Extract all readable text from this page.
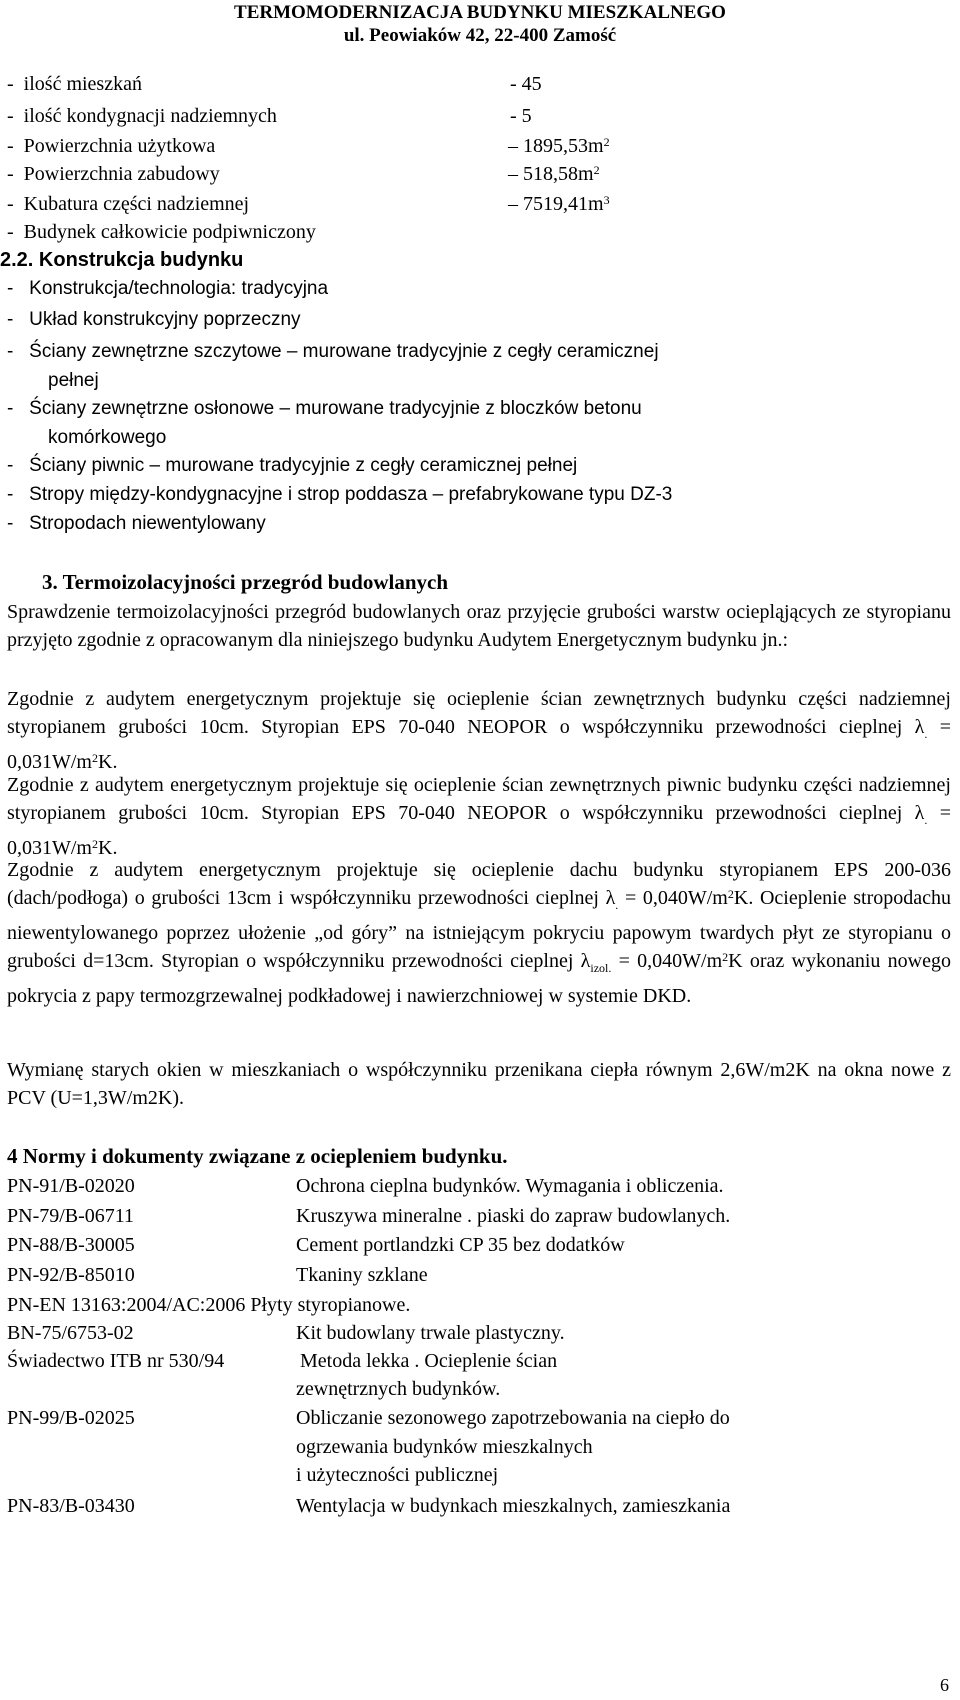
TERMOMODERNIZACJA BUDYNKU MIESZKALNEGO
ul. Peowiaków 42, 22-400 Zamość
-  ilość mieszkań	- 45
-  ilość kondygnacji nadziemnych	- 5
-  Powierzchnia użytkowa	– $1895,53m^2$
-  Powierzchnia zabudowy	– $518,58m^2$
-  Kubatura części nadziemnej	– $7519,41m^3$
-  Budynek całkowicie podpiwniczony
2.2. Konstrukcja budynku
-   Konstrukcja/technologia: tradycyjna
-   Układ konstrukcyjny poprzeczny
-   Ściany zewnętrzne szczytowe – murowane tradycyjnie z cegły ceramicznej
pełnej
-   Ściany zewnętrzne osłonowe – murowane tradycyjnie z bloczków betonu
komórkowego
-   Ściany piwnic – murowane tradycyjnie z cegły ceramicznej pełnej
-   Stropy między-kondygnacyjne i strop poddasza – prefabrykowane typu DZ-3
-   Stropodach niewentylowany
3. Termoizolacyjności przegród budowlanych
Sprawdzenie termoizolacyjności przegród budowlanych oraz przyjęcie grubości warstw ociepląjących ze styropianu przyjęto zgodnie z opracowanym dla niniejszego budynku Audytem Energetycznym budynku jn.:
Zgodnie z audytem energetycznym projektuje się ocieplenie ścian zewnętrznych budynku części nadziemnej styropianem grubości 10cm. Styropian EPS 70-040 NEOPOR o współczynniku przewodności cieplnej $\lambda_. = 0,031W/m^2K$.
Zgodnie z audytem energetycznym projektuje się ocieplenie ścian zewnętrznych piwnic budynku części nadziemnej styropianem grubości 10cm. Styropian EPS 70-040 NEOPOR o współczynniku przewodności cieplnej $\lambda_. = 0,031W/m^2K$.
Zgodnie z audytem energetycznym projektuje się ocieplenie dachu budynku styropianem EPS 200-036 (dach/podłoga) o grubości 13cm i współczynniku przewodności cieplnej $\lambda_. = 0,040W/m^2K$. Ocieplenie stropodachu niewentylowanego poprzez ułożenie „od góry” na istniejącym pokryciu papowym twardych płyt ze styropianu o grubości d=13cm. Styropian o współczynniku przewodności cieplnej $\lambda_{izol.} = 0,040W/m^2K$ oraz wykonaniu nowego pokrycia z papy termozgrzewalnej podkładowej i nawierzchniowej w systemie DKD.
Wymianę starych okien w mieszkaniach o współczynniku przenikana ciepła równym 2,6W/m2K na okna nowe z PCV (U=1,3W/m2K).
4 Normy i dokumenty związane z ociepleniem budynku.
PN-91/B-02020	Ochrona cieplna budynków. Wymagania i obliczenia.
PN-79/B-06711	Kruszywa mineralne . piaski do zapraw budowlanych.
PN-88/B-30005	Cement portlandzki CP 35 bez dodatków
PN-92/B-85010	Tkaniny szklane
PN-EN 13163:2004/AC:2006 Płyty styropianowe.
BN-75/6753-02	Kit budowlany trwale plastyczny.
Świadectwo ITB nr 530/94	Metoda lekka . Ocieplenie ścian
zewnętrznych budynków.
PN-99/B-02025	Obliczanie sezonowego zapotrzebowania na ciepło do
ogrzewania budynków mieszkalnych
i użyteczności publicznej
PN-83/B-03430	Wentylacja w budynkach mieszkalnych, zamieszkania
6
